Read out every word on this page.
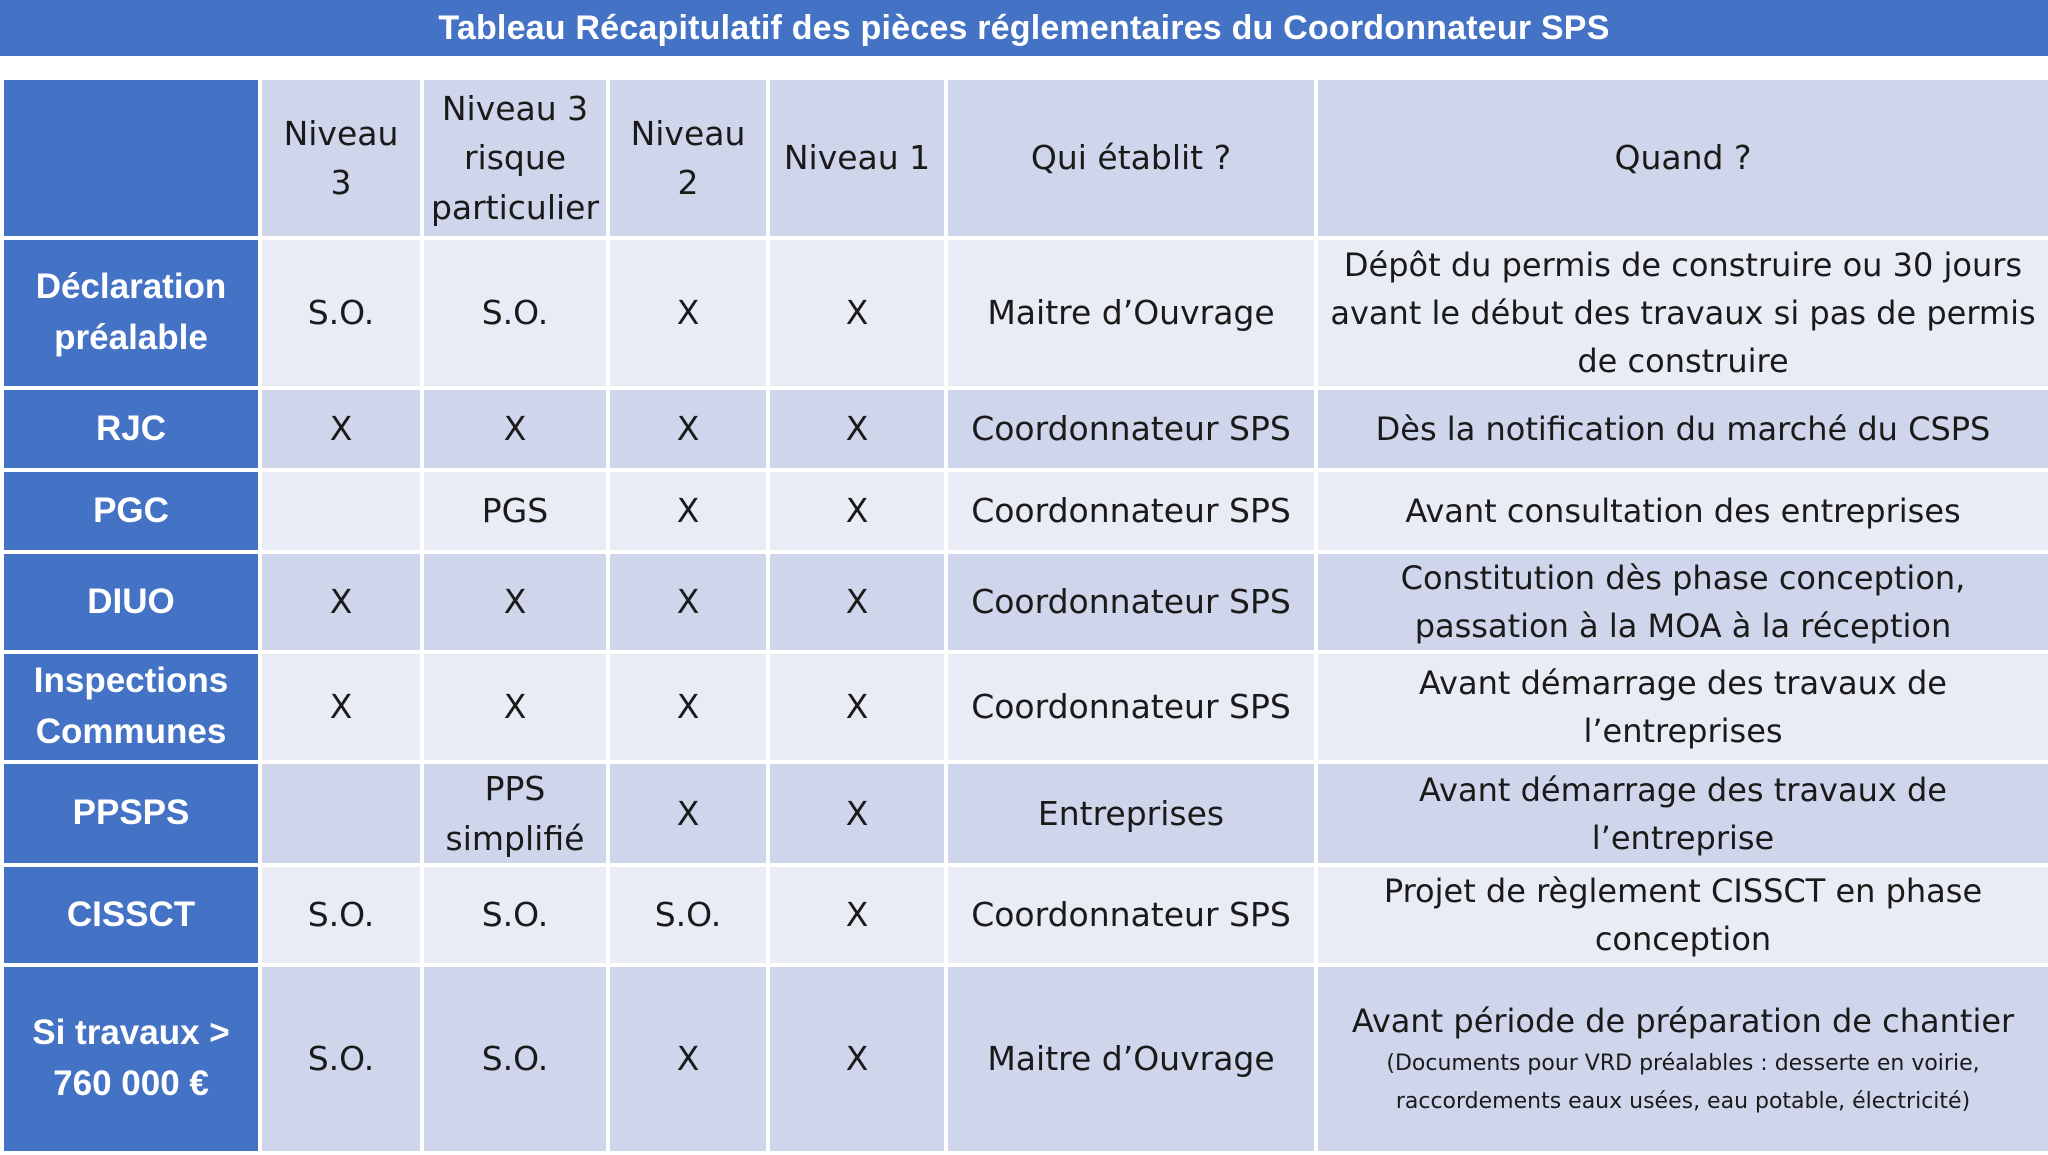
Tableau Récapitulatif des pièces réglementaires du Coordonnateur SPS
	Niveau 3	Niveau 3 risque particulier	Niveau 2	Niveau 1	Qui établit ?	Quand ?
Déclaration préalable	S.O.	S.O.	X	X	Maitre d’Ouvrage	Dépôt du permis de construire ou 30 jours avant le début des travaux si pas de permis de construire
RJC	X	X	X	X	Coordonnateur SPS	Dès la notification du marché du CSPS
PGC		PGS	X	X	Coordonnateur SPS	Avant consultation des entreprises
DIUO	X	X	X	X	Coordonnateur SPS	Constitution dès phase conception, passation à la MOA à la réception
Inspections Communes	X	X	X	X	Coordonnateur SPS	Avant démarrage des travaux de l’entreprises
PPSPS		PPS simplifié	X	X	Entreprises	Avant démarrage des travaux de l’entreprise
CISSCT	S.O.	S.O.	S.O.	X	Coordonnateur SPS	Projet de règlement CISSCT en phase conception
Si travaux > 760 000 €	S.O.	S.O.	X	X	Maitre d’Ouvrage	Avant période de préparation de chantier
(Documents pour VRD préalables : desserte en voirie, raccordements eaux usées, eau potable, électricité)
